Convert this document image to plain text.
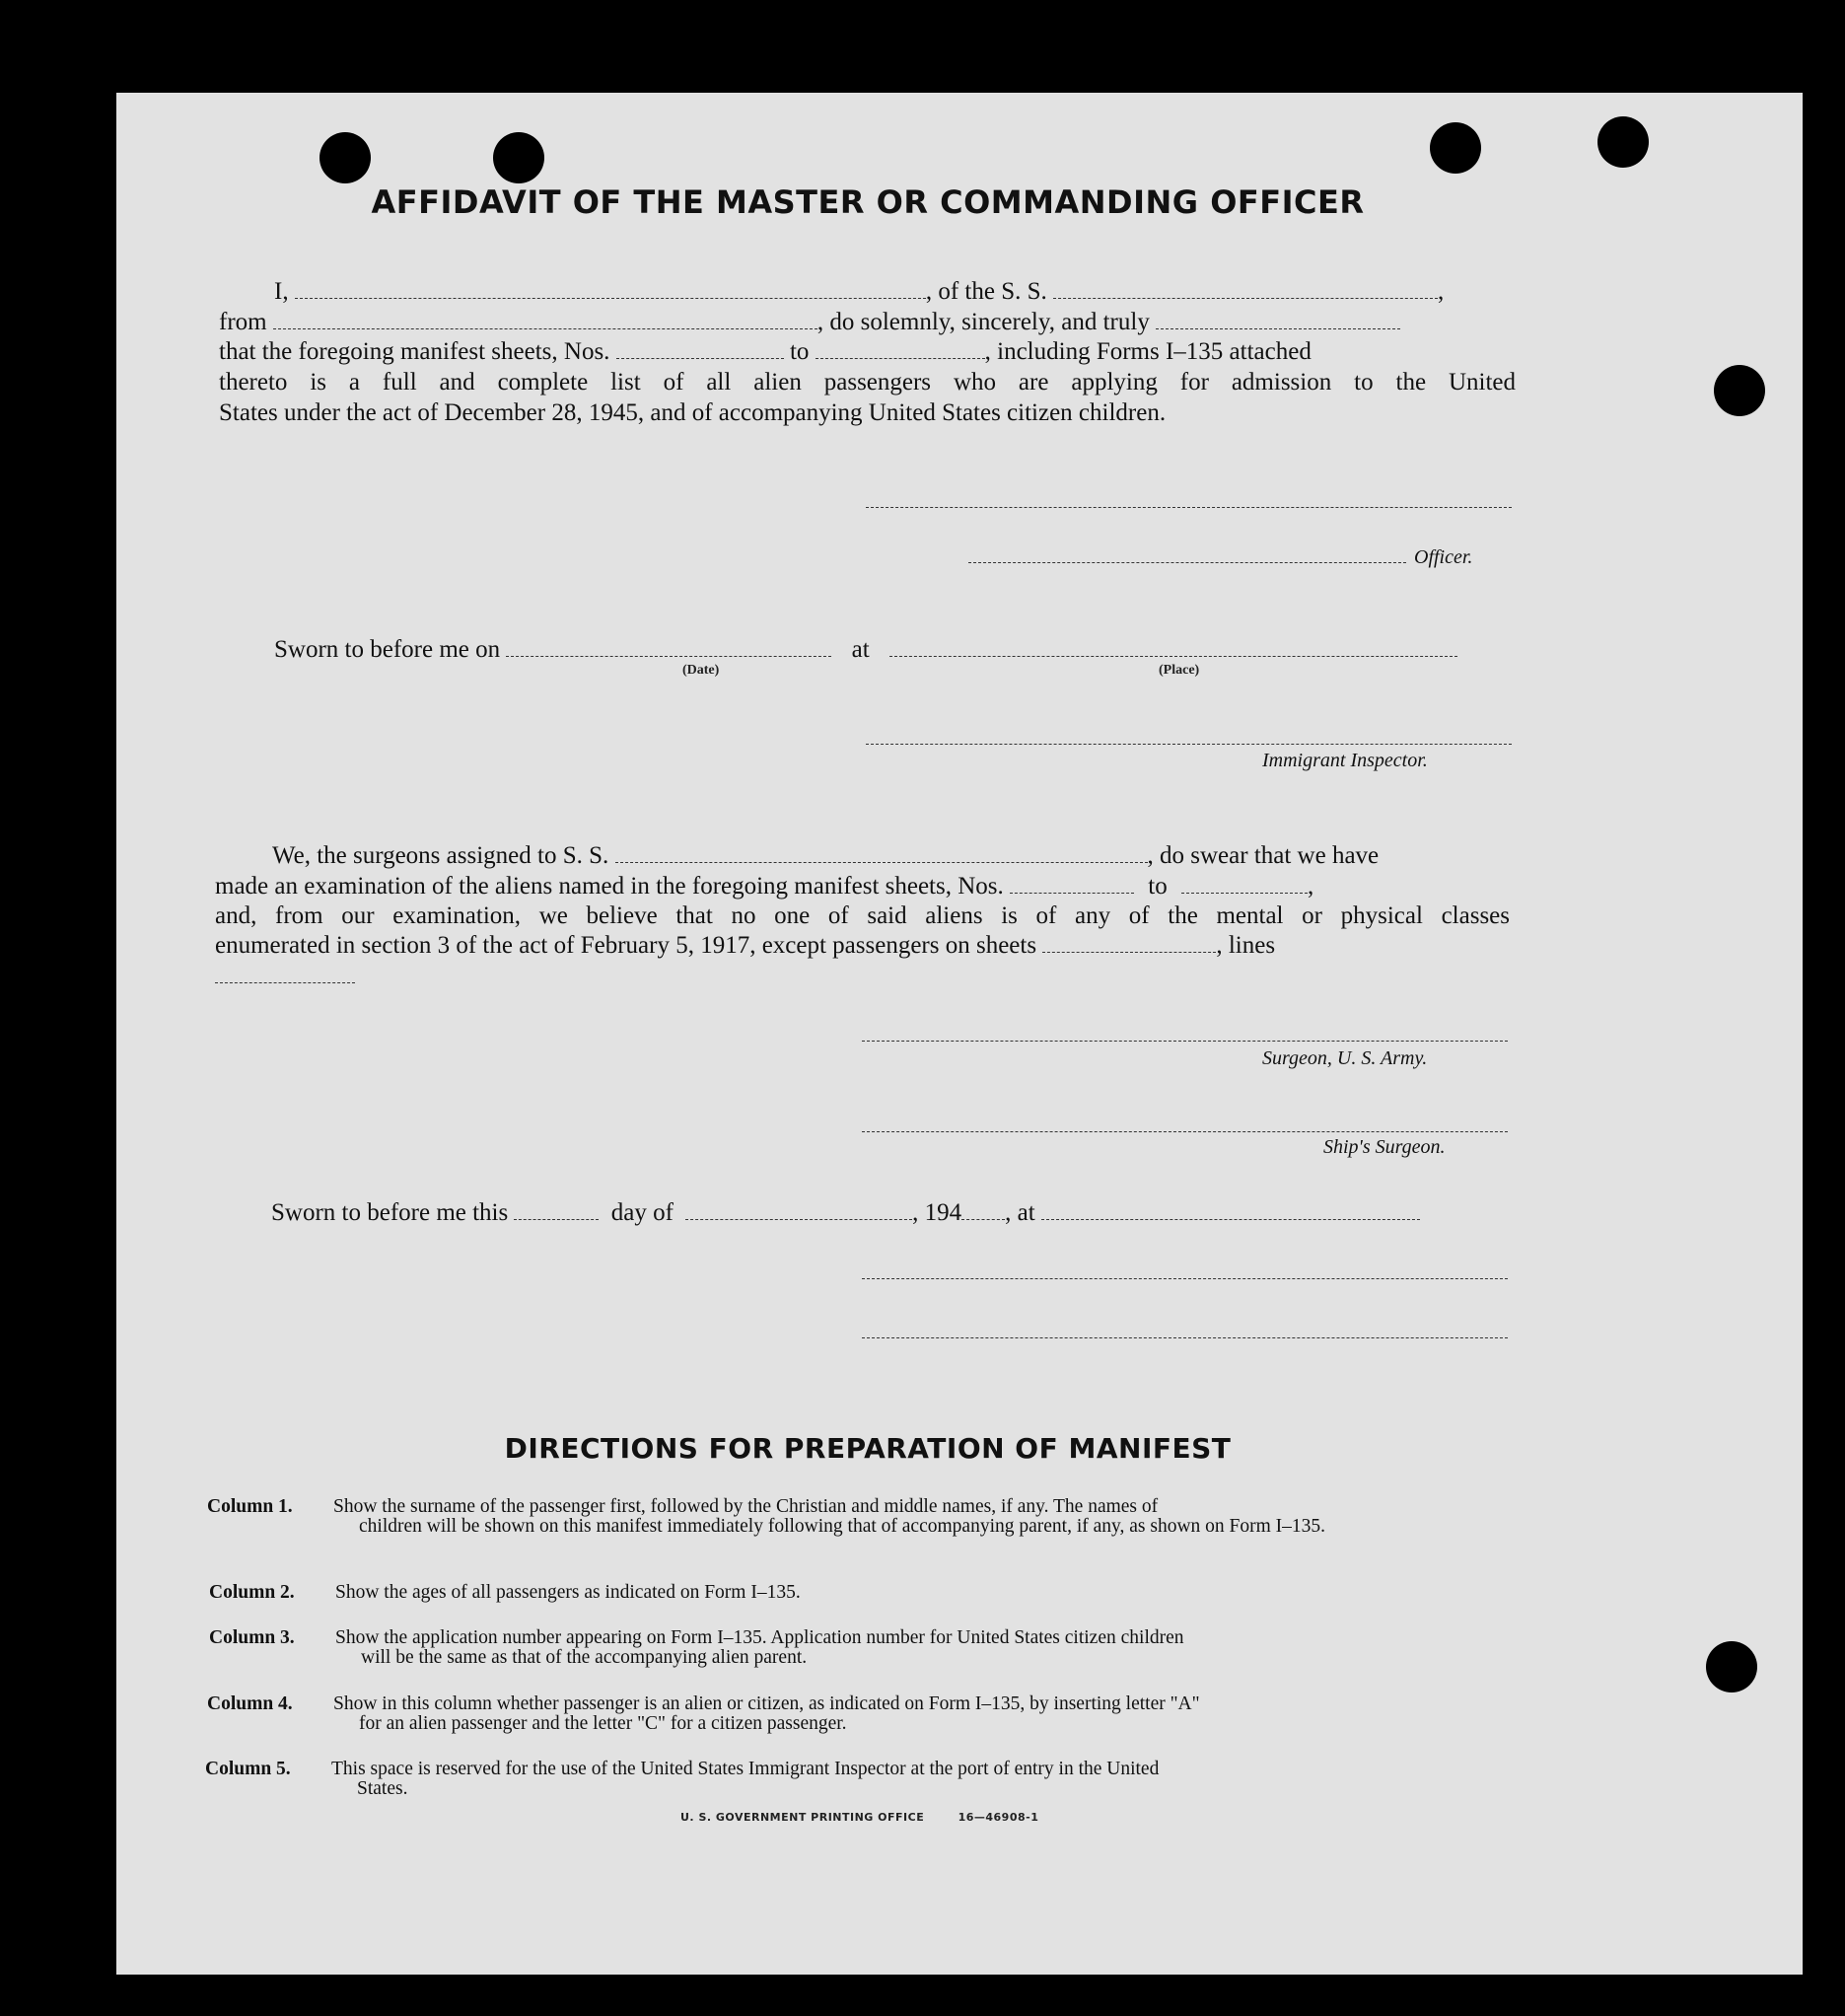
AFFIDAVIT OF THE MASTER OR COMMANDING OFFICER
I,	, of the S. S.	,
from	, do solemnly, sincerely, and truly
that the foregoing manifest sheets, Nos.	to	, including Forms I–135 attached
thereto is a full and complete list of all alien passengers who are applying for admission to the United
States under the act of December 28, 1945, and of accompanying United States citizen children.
Officer.
Sworn to before me on	at
(Date)	(Place)
Immigrant Inspector.
We, the surgeons assigned to S. S.	, do swear that we have
made an examination of the aliens named in the foregoing manifest sheets, Nos.	to	,
and, from our examination, we believe that no one of said aliens is of any of the mental or physical classes
enumerated in section 3 of the act of February 5, 1917, except passengers on sheets	, lines
Surgeon, U. S. Army.
Ship's Surgeon.
Sworn to before me this	day of	, 194 , at
DIRECTIONS FOR PREPARATION OF MANIFEST
Column 1. Show the surname of the passenger first, followed by the Christian and middle names, if any. The names of
children will be shown on this manifest immediately following that of accompanying parent, if any, as shown on Form I–135.
Column 2. Show the ages of all passengers as indicated on Form I–135.
Column 3. Show the application number appearing on Form I–135. Application number for United States citizen children
will be the same as that of the accompanying alien parent.
Column 4. Show in this column whether passenger is an alien or citizen, as indicated on Form I–135, by inserting letter "A"
for an alien passenger and the letter "C" for a citizen passenger.
Column 5. This space is reserved for the use of the United States Immigrant Inspector at the port of entry in the United
States.
U. S. GOVERNMENT PRINTING OFFICE	16—46908-1
